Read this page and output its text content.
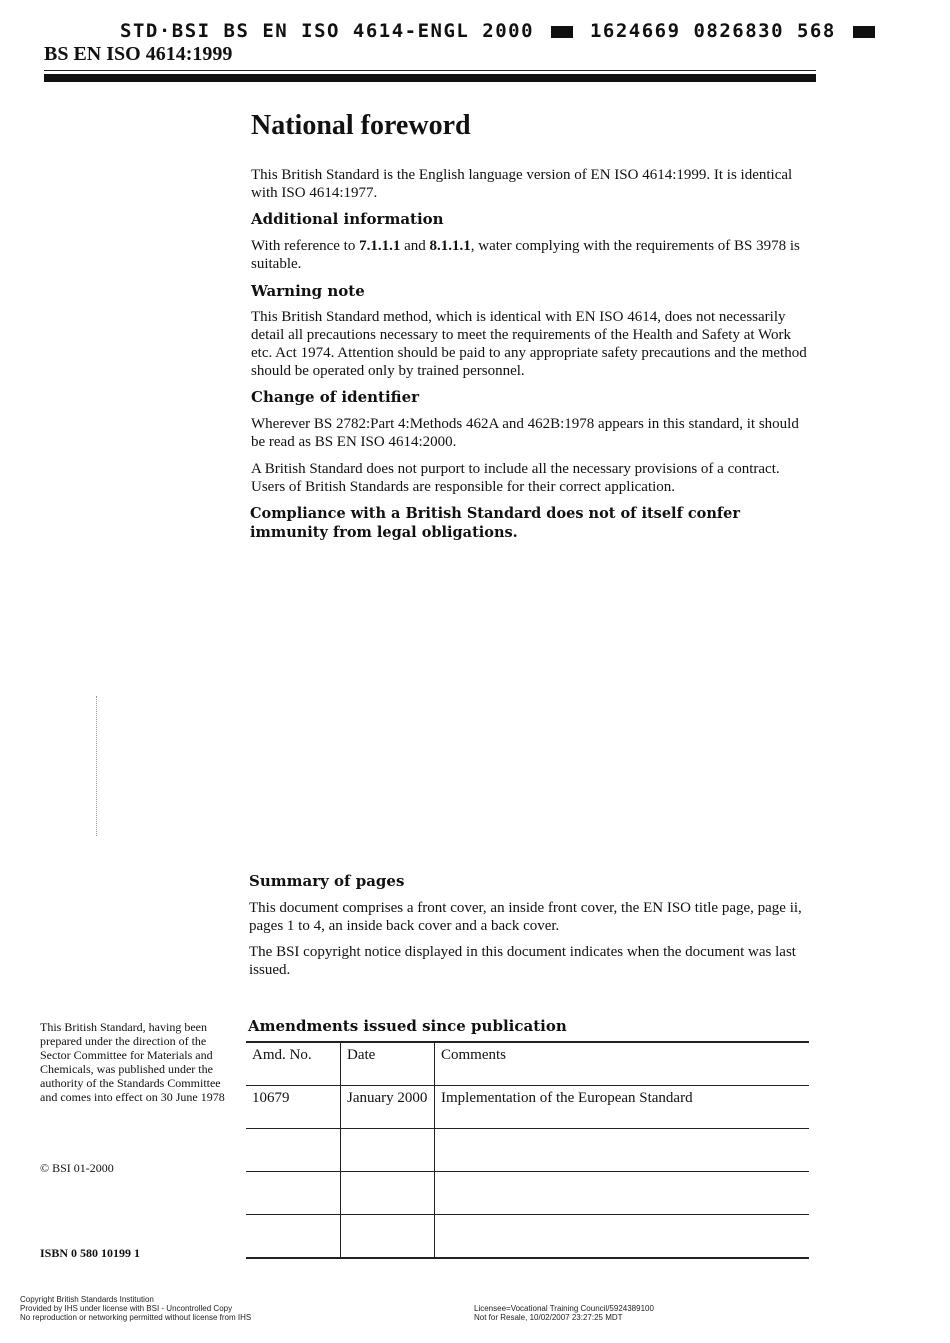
STD·BSI BS EN ISO 4614-ENGL 2000	1624669 0826830 568
BS EN ISO 4614:1999
National foreword
This British Standard is the English language version of EN ISO 4614:1999. It is identical with ISO 4614:1977.
Additional information
With reference to 7.1.1.1 and 8.1.1.1, water complying with the requirements of BS 3978 is suitable.
Warning note
This British Standard method, which is identical with EN ISO 4614, does not necessarily detail all precautions necessary to meet the requirements of the Health and Safety at Work etc. Act 1974. Attention should be paid to any appropriate safety precautions and the method should be operated only by trained personnel.
Change of identifier
Wherever BS 2782:Part 4:Methods 462A and 462B:1978 appears in this standard, it should be read as BS EN ISO 4614:2000.
A British Standard does not purport to include all the necessary provisions of a contract. Users of British Standards are responsible for their correct application.
Compliance with a British Standard does not of itself confer immunity from legal obligations.
Summary of pages
This document comprises a front cover, an inside front cover, the EN ISO title page, page ii, pages 1 to 4, an inside back cover and a back cover.
The BSI copyright notice displayed in this document indicates when the document was last issued.
This British Standard, having been prepared under the direction of the Sector Committee for Materials and Chemicals, was published under the authority of the Standards Committee and comes into effect on 30 June 1978
© BSI 01-2000
ISBN 0 580 10199 1
Amendments issued since publication
Amd. No.	Date	Comments
10679	January 2000	Implementation of the European Standard

Copyright British Standards Institution
Provided by IHS under license with BSI - Uncontrolled Copy
No reproduction or networking permitted without license from IHS
Licensee=Vocational Training Council/5924389100
Not for Resale, 10/02/2007 23:27:25 MDT
